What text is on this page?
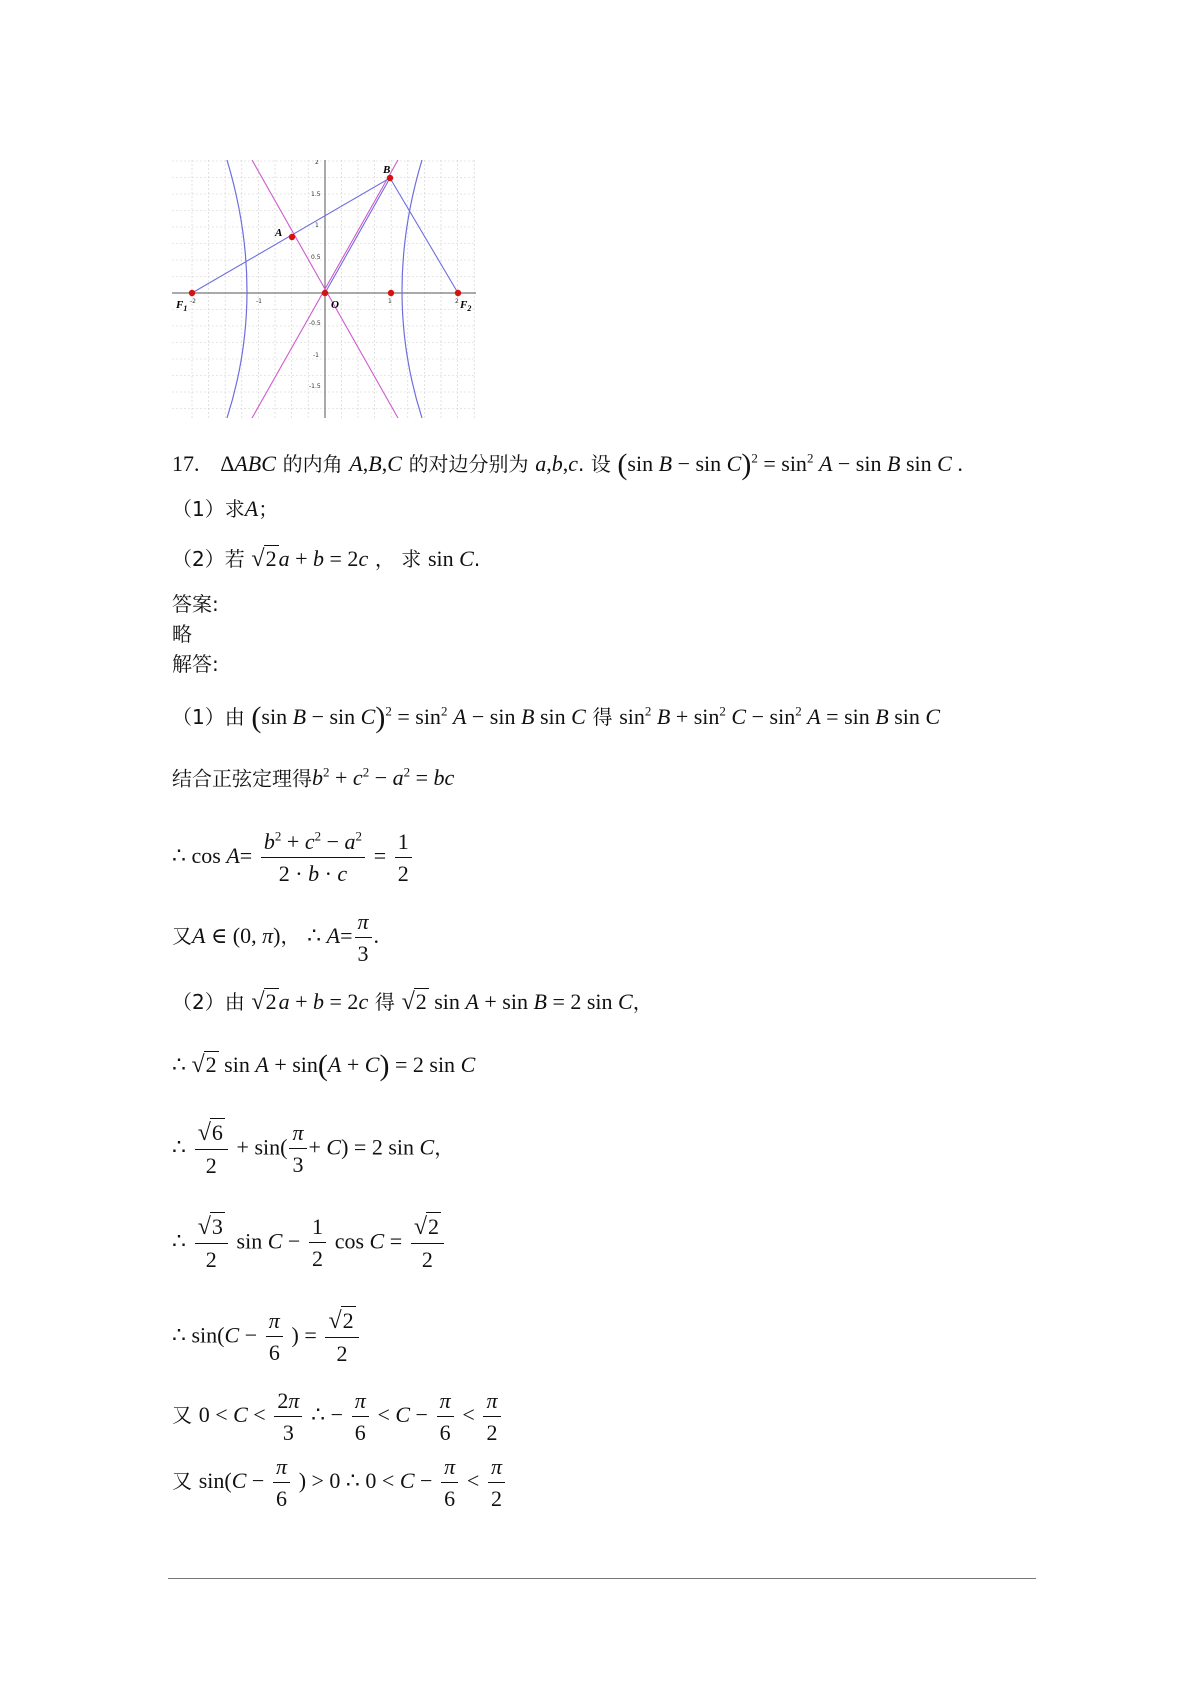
A
B
O
$F_1$	$F_2$
2
1.5
1
0.5
-0.5
-1
-1.5
-2	-1	1	2
17. ΔABC 的内角 A,B,C 的对边分别为 a,b,c. 设 (sin $B - \sin C)^2 = \sin^2 A - \sin B$ sin C .
（1）求A；
（2）若 √2a + b = 2c ， 求 sin C.
答案:
略
解答:
（1）由 (sin $B - \sin C)^2 = \sin^2 A - \sin B$ sin C 得 $\sin^2 B + \sin^2 C - \sin^2 A = \sin B$ sin C
结合正弦定理得$b^2 + c^2 - a^2$ = bc
∴ $\cos A= \frac{b^2 + c^2 - a^2}{2 \cdot b \cdot c} = \frac{1}{2}$
又A ∈ (0, π)， ∴ $A= \frac{\pi}{3}$ .
（2）由 √2a + b = 2c 得 √2 sin A + sin B = 2 sin C，
∴ √2 sin A + sin(A + C) = 2 sin C
∴ $\frac{√6}{2} + \sin( \frac{\pi}{3} + C) = 2$ sin C，
∴ $\frac{√3}{2}$ $\sin C - \frac{1}{2}$ $\cos C = \frac{√2}{2}$
∴ $\sin(C - \frac{\pi}{6}$ ) = $\frac{√2}{2}$
又 $0 < C < \frac{2\pi}{3}$ ∴ − $\frac{\pi}{6} < C - \frac{\pi}{6} < \frac{\pi}{2}$
又 $\sin(C - \frac{\pi}{6}$ ) > 0 ∴ $0 < C - \frac{\pi}{6} < \frac{\pi}{2}$
